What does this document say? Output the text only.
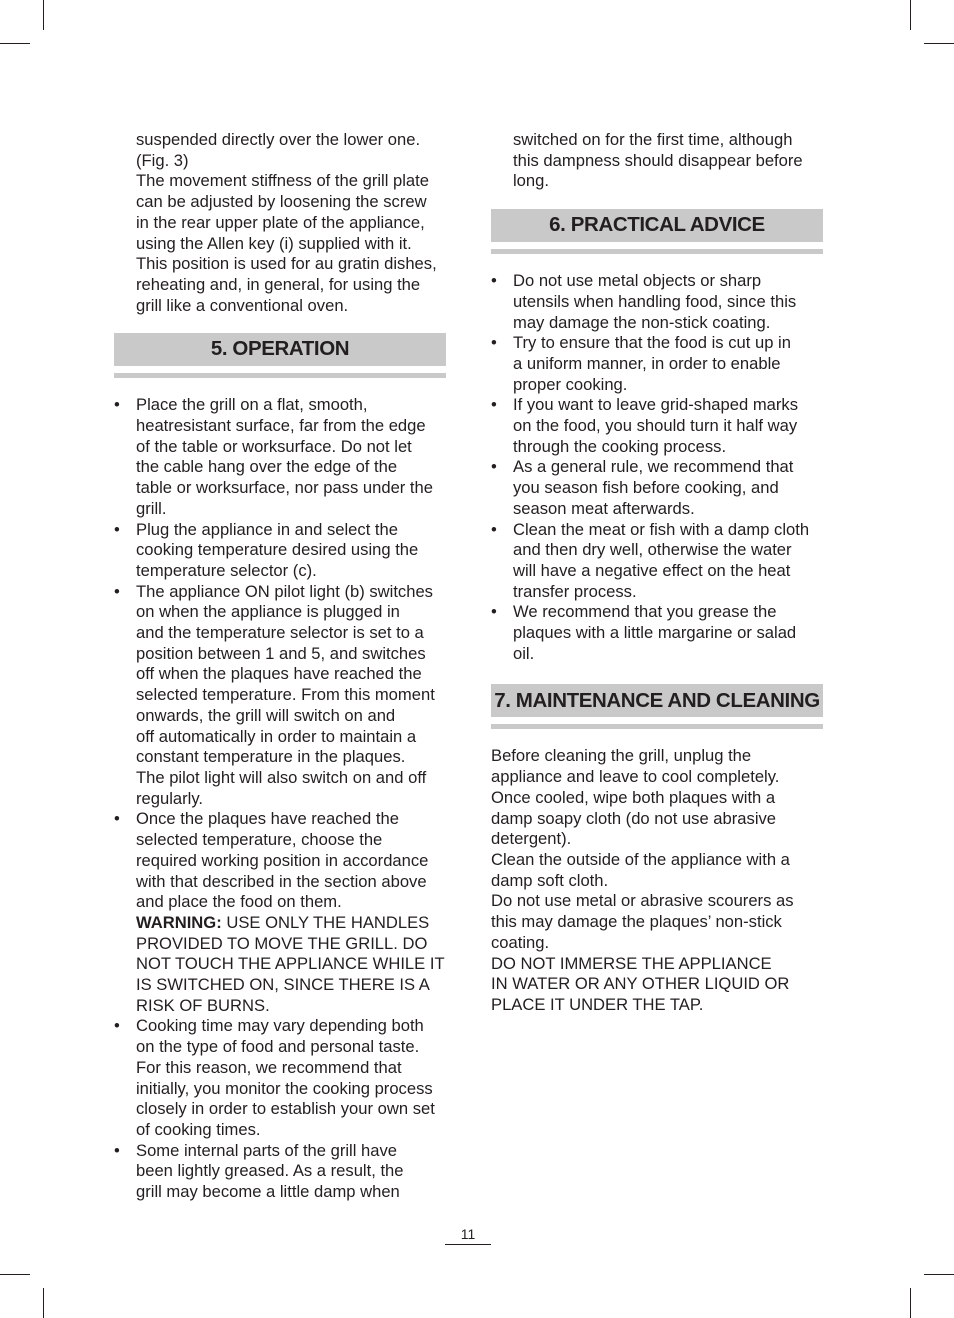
suspended directly over the lower one.
(Fig. 3)
The movement stiffness of the grill plate
can be adjusted by loosening the screw
in the rear upper plate of the appliance,
using the Allen key (i) supplied with it.
This position is used for au gratin dishes,
reheating and, in general, for using the
grill like a conventional oven.

5. OPERATION
• Place the grill on a flat, smooth,
heatresistant surface, far from the edge
of the table or worksurface. Do not let
the cable hang over the edge of the
table or worksurface, nor pass under the
grill.
• Plug the appliance in and select the
cooking temperature desired using the
temperature selector (c).
• The appliance ON pilot light (b) switches
on when the appliance is plugged in
and the temperature selector is set to a
position between 1 and 5, and switches
off when the plaques have reached the
selected temperature. From this moment
onwards, the grill will switch on and
off automatically in order to maintain a
constant temperature in the plaques.
The pilot light will also switch on and off
regularly.
• Once the plaques have reached the
selected temperature, choose the
required working position in accordance
with that described in the section above
and place the food on them.
WARNING: USE ONLY THE HANDLES
PROVIDED TO MOVE THE GRILL. DO
NOT TOUCH THE APPLIANCE WHILE IT
IS SWITCHED ON, SINCE THERE IS A
RISK OF BURNS.
• Cooking time may vary depending both
on the type of food and personal taste.
For this reason, we recommend that
initially, you monitor the cooking process
closely in order to establish your own set
of cooking times.
• Some internal parts of the grill have
been lightly greased. As a result, the
grill may become a little damp when

switched on for the first time, although
this dampness should disappear before
long.

6. PRACTICAL ADVICE
• Do not use metal objects or sharp
utensils when handling food, since this
may damage the non-stick coating.
• Try to ensure that the food is cut up in
a uniform manner, in order to enable
proper cooking.
• If you want to leave grid-shaped marks
on the food, you should turn it half way
through the cooking process.
• As a general rule, we recommend that
you season fish before cooking, and
season meat afterwards.
• Clean the meat or fish with a damp cloth
and then dry well, otherwise the water
will have a negative effect on the heat
transfer process.
• We recommend that you grease the
plaques with a little margarine or salad
oil.
7. MAINTENANCE AND CLEANING

Before cleaning the grill, unplug the
appliance and leave to cool completely.
Once cooled, wipe both plaques with a
damp soapy cloth (do not use abrasive
detergent).
Clean the outside of the appliance with a
damp soft cloth.
Do not use metal or abrasive scourers as
this may damage the plaques’ non-stick
coating.
DO NOT IMMERSE THE APPLIANCE
IN WATER OR ANY OTHER LIQUID OR
PLACE IT UNDER THE TAP.

11
